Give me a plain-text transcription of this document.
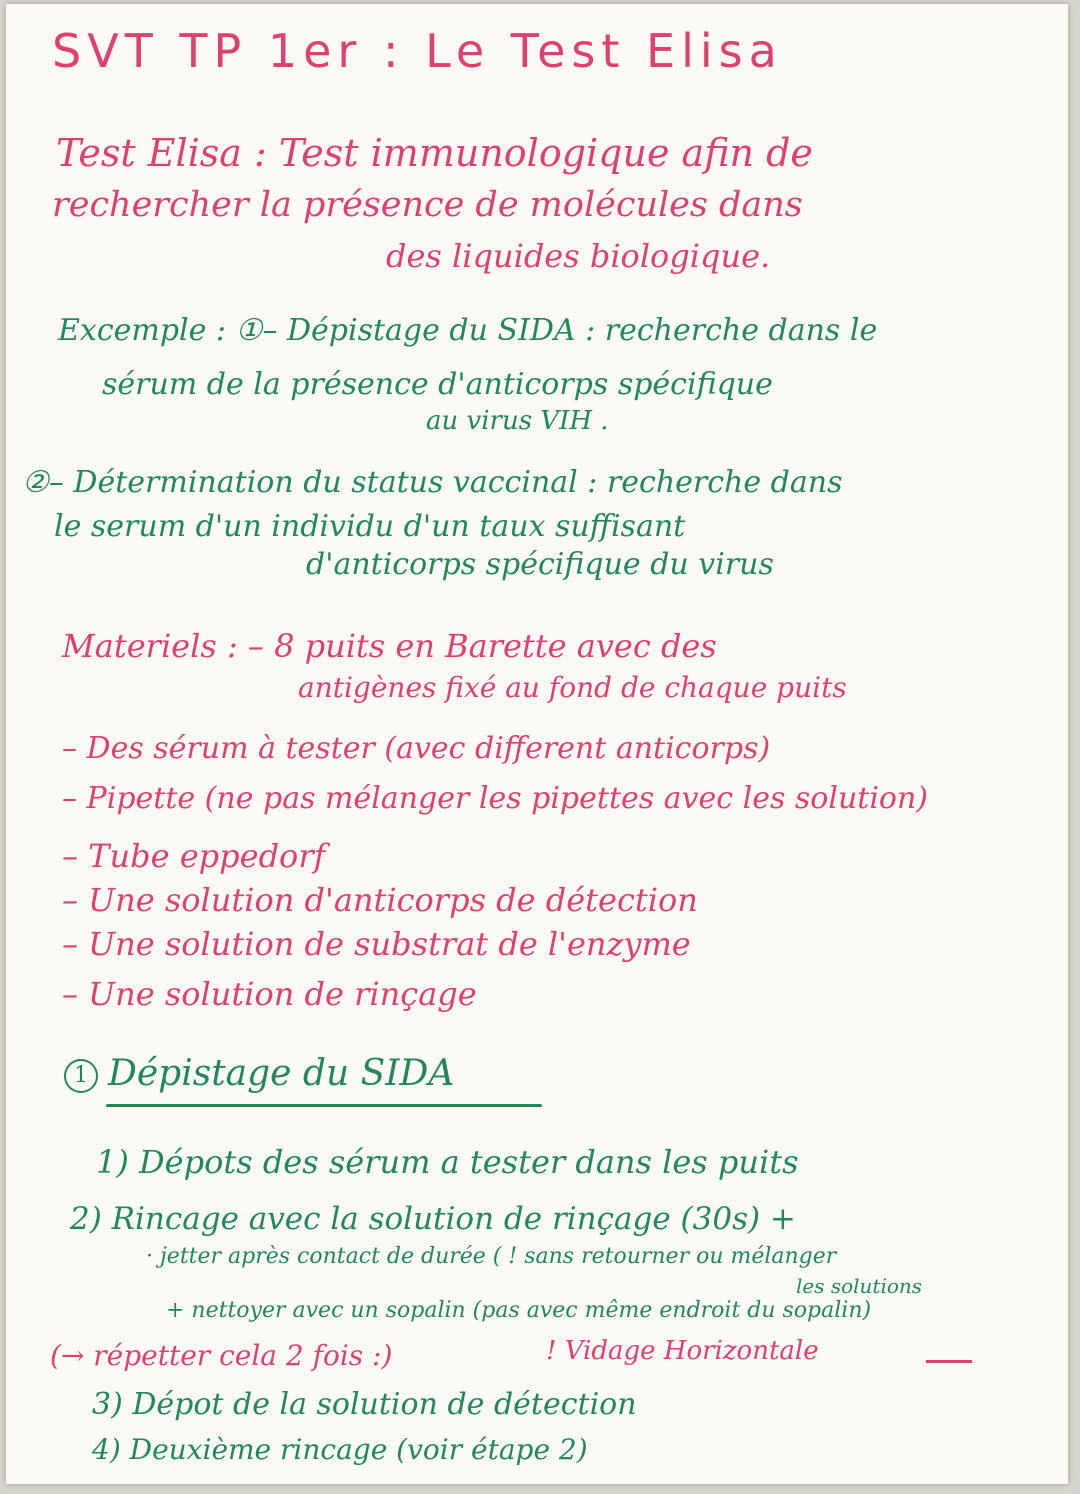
SVT TP 1er : Le Test Elisa
Test Elisa : Test immunologique afin de
rechercher la présence de molécules dans
des liquides biologique.
Excemple : ①– Dépistage du SIDA : recherche dans le
sérum de la présence d'anticorps spécifique
au virus VIH .
②– Détermination du status vaccinal : recherche dans
le serum d'un individu d'un taux suffisant
d'anticorps spécifique du virus
Materiels : – 8 puits en Barette avec des
antigènes fixé au fond de chaque puits
– Des sérum à tester (avec different anticorps)
– Pipette (ne pas mélanger les pipettes avec les solution)
– Tube eppedorf
– Une solution d'anticorps de détection
– Une solution de substrat de l'enzyme
– Une solution de rinçage
1 Dépistage du SIDA
1) Dépots des sérum a tester dans les puits
2) Rincage avec la solution de rinçage (30s) +
· jetter après contact de durée ( ! sans retourner ou mélanger
les solutions
+ nettoyer avec un sopalin (pas avec même endroit du sopalin)
(→ répetter cela 2 fois :)	! Vidage Horizontale
3) Dépot de la solution de détection
4) Deuxième rincage (voir étape 2)
